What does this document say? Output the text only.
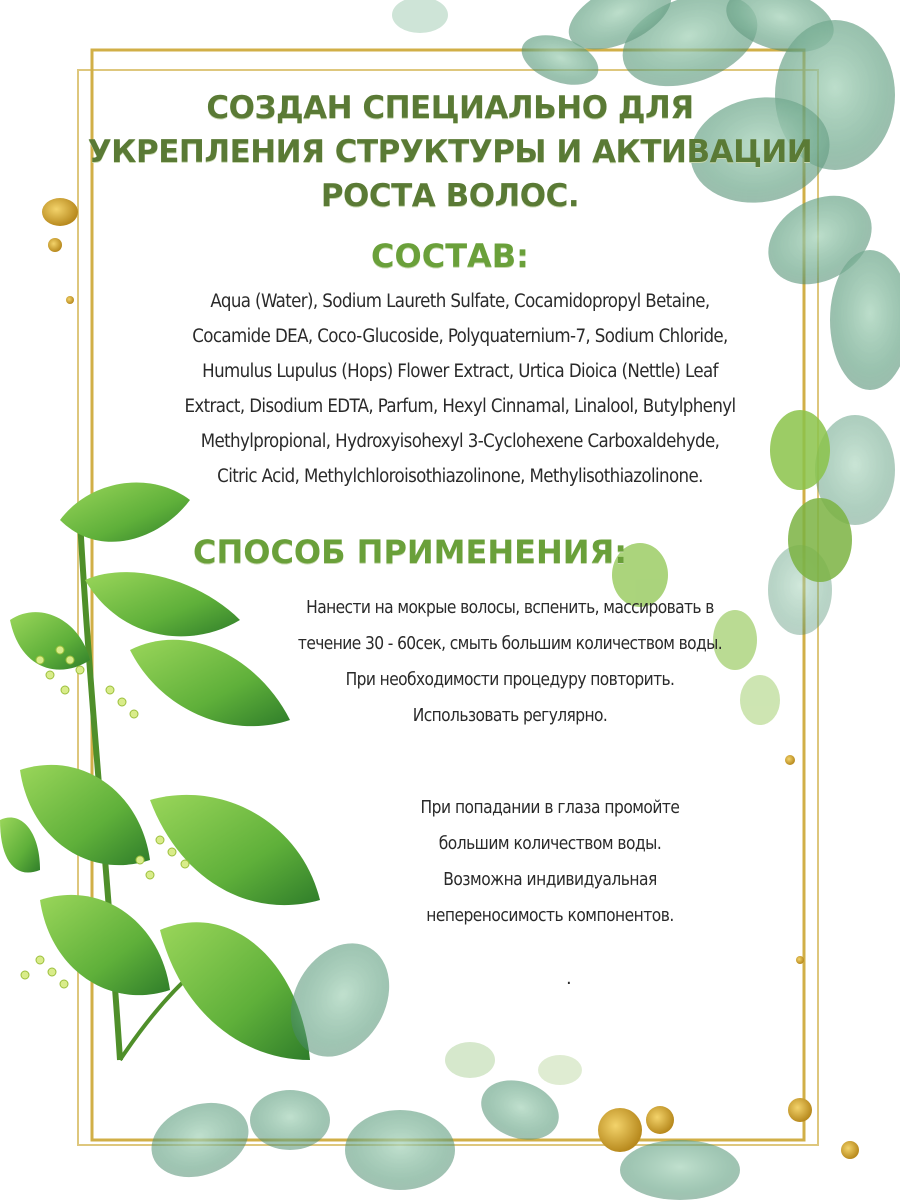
СОЗДАН СПЕЦИАЛЬНО ДЛЯ
УКРЕПЛЕНИЯ СТРУКТУРЫ И АКТИВАЦИИ
РОСТА ВОЛОС.
СОСТАВ:
Aqua (Water), Sodium Laureth Sulfate, Cocamidopropyl Betaine,
Cocamide DEA, Coco-Glucoside, Polyquaternium-7, Sodium Chloride,
Humulus Lupulus (Hops) Flower Extract, Urtica Dioica (Nettle) Leaf
Extract, Disodium EDTA, Parfum, Hexyl Cinnamal, Linalool, Butylphenyl
Methylpropional, Hydroxyisohexyl 3-Cyclohexene Carboxaldehyde,
Citric Acid, Methylchloroisothiazolinone, Methylisothiazolinone.
СПОСОБ ПРИМЕНЕНИЯ:
Нанести на мокрые волосы, вспенить, массировать в
течение 30 - 60сек, смыть большим количеством воды.
При необходимости процедуру повторить.
Использовать регулярно.
При попадании в глаза промойте
большим количеством воды.
Возможна индивидуальная
непереносимость компонентов.
.
